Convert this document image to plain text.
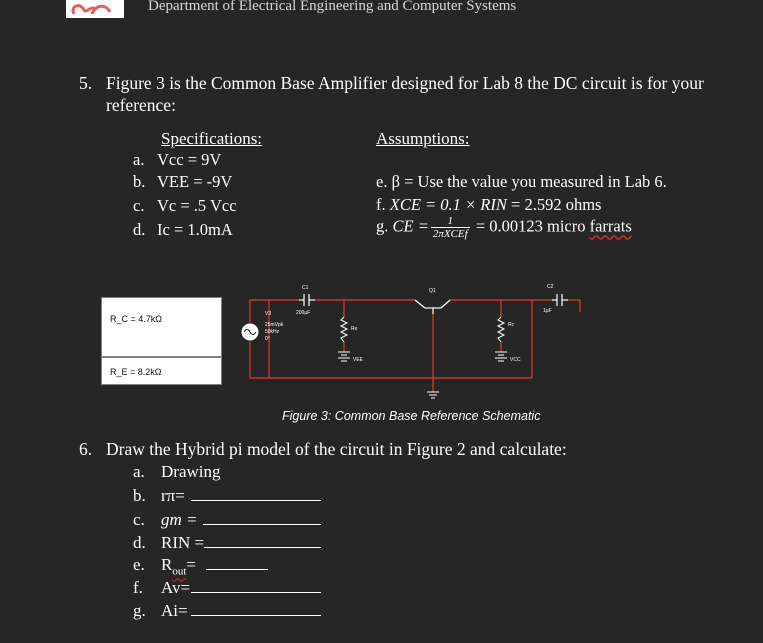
Department of Electrical Engineering and Computer Systems
5. Figure 3 is the Common Base Amplifier designed for Lab 8 the DC circuit is for your
reference:
Specifications:
a. Vcc = 9V
b. VEE = -9V
c. Vc = .5 Vcc
d. Ic = 1.0mA
Assumptions:
e. β = Use the value you measured in Lab 6.
f. XCE = 0.1 × RIN = 2.592 ohms
g. CE = $\frac{1}{\text{2πXCEf}} = 0.00123$ micro farrats
R_C = 4.7kΩ
R_E = 8.2kΩ
V3
25mVpk
50kHz
0°
C1
200µF
Re
VEE
Q1
Rc
VCC
C2
1µF
Figure 3: Common Base Reference Schematic
6. Draw the Hybrid pi model of the circuit in Figure 2 and calculate:
a. Drawing
b. rπ=
c. gm =
d. RIN =
e. $R_{out}=$
f. Av=
g. Ai=
